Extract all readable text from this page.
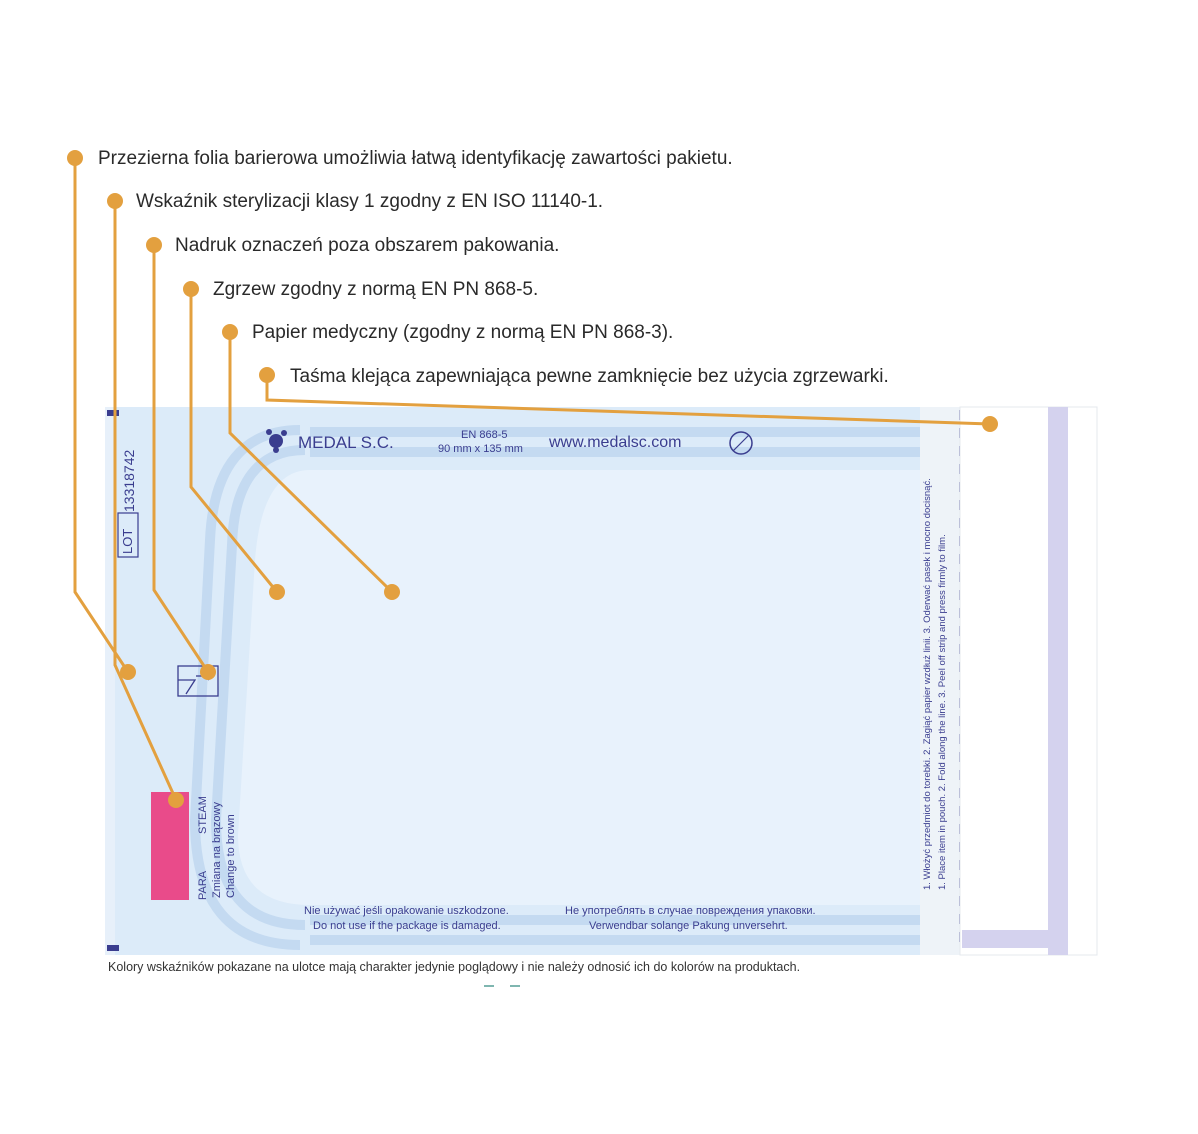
Przezierna folia barierowa umożliwia łatwą identyfikację zawartości pakietu.
Wskaźnik sterylizacji klasy 1 zgodny z EN ISO 11140-1.
Nadruk oznaczeń poza obszarem pakowania.
Zgrzew zgodny z normą EN PN 868-5.
Papier medyczny (zgodny z normą EN PN 868-3).
Taśma klejąca zapewniająca pewne zamknięcie bez użycia zgrzewarki.
MEDAL S.C.	EN 868-5
90 mm x 135 mm www.medalsc.com
LOT
13318742
PARA
STEAM Zmiana na brązowy Change to brown
Nie używać jeśli opakowanie uszkodzone.
Do not use if the package is damaged.
Не употреблять в случае повреждения упаковки.
Verwendbar solange Pakung unversehrt.
1. Włożyć przedmiot do torebki. 2. Zagiąć papier wzdłuż linii. 3. Oderwać pasek i mocno docisnąć. 1. Place item in pouch. 2. Fold along the line. 3. Peel off strip and press firmly to film.
Kolory wskaźników pokazane na ulotce mają charakter jedynie poglądowy i nie należy odnosić ich do kolorów na produktach.
